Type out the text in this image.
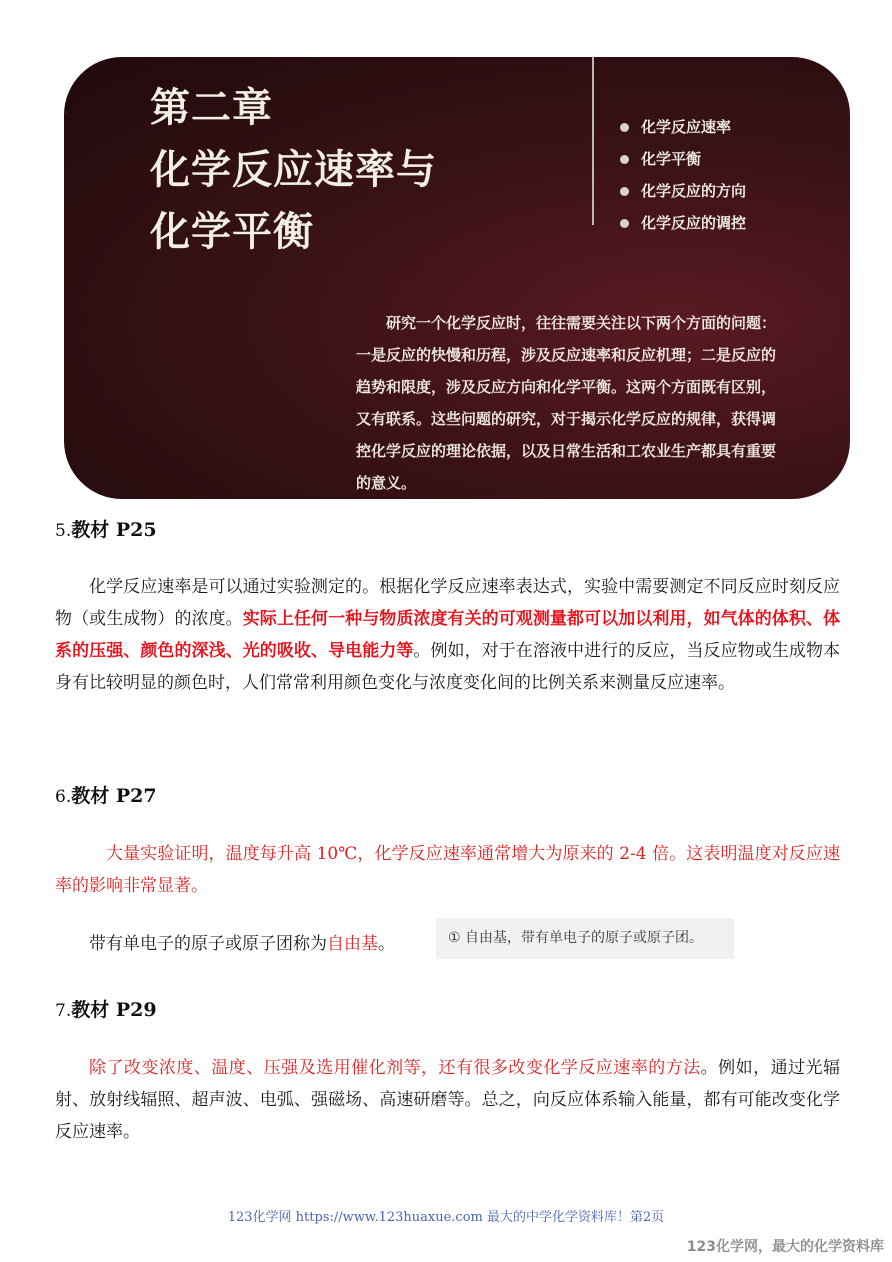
第二章
化学反应速率与
化学平衡
化学反应速率
化学平衡
化学反应的方向
化学反应的调控
研究一个化学反应时，往往需要关注以下两个方面的问题：一是反应的快慢和历程，涉及反应速率和反应机理；二是反应的趋势和限度，涉及反应方向和化学平衡。这两个方面既有区别，又有联系。这些问题的研究，对于揭示化学反应的规律，获得调控化学反应的理论依据，以及日常生活和工农业生产都具有重要的意义。
5.教材 P25
化学反应速率是可以通过实验测定的。根据化学反应速率表达式，实验中需要测定不同反应时刻反应物（或生成物）的浓度。实际上任何一种与物质浓度有关的可观测量都可以加以利用，如气体的体积、体系的压强、颜色的深浅、光的吸收、导电能力等。例如，对于在溶液中进行的反应，当反应物或生成物本身有比较明显的颜色时，人们常常利用颜色变化与浓度变化间的比例关系来测量反应速率。
6.教材 P27
大量实验证明，温度每升高 10℃，化学反应速率通常增大为原来的 2-4 倍。这表明温度对反应速率的影响非常显著。
带有单电子的原子或原子团称为自由基。	① 自由基，带有单电子的原子或原子团。
7.教材 P29
除了改变浓度、温度、压强及选用催化剂等，还有很多改变化学反应速率的方法。例如，通过光辐射、放射线辐照、超声波、电弧、强磁场、高速研磨等。总之，向反应体系输入能量，都有可能改变化学反应速率。
123化学网 https://www.123huaxue.com 最大的中学化学资料库！第2页
123化学网，最大的化学资料库
